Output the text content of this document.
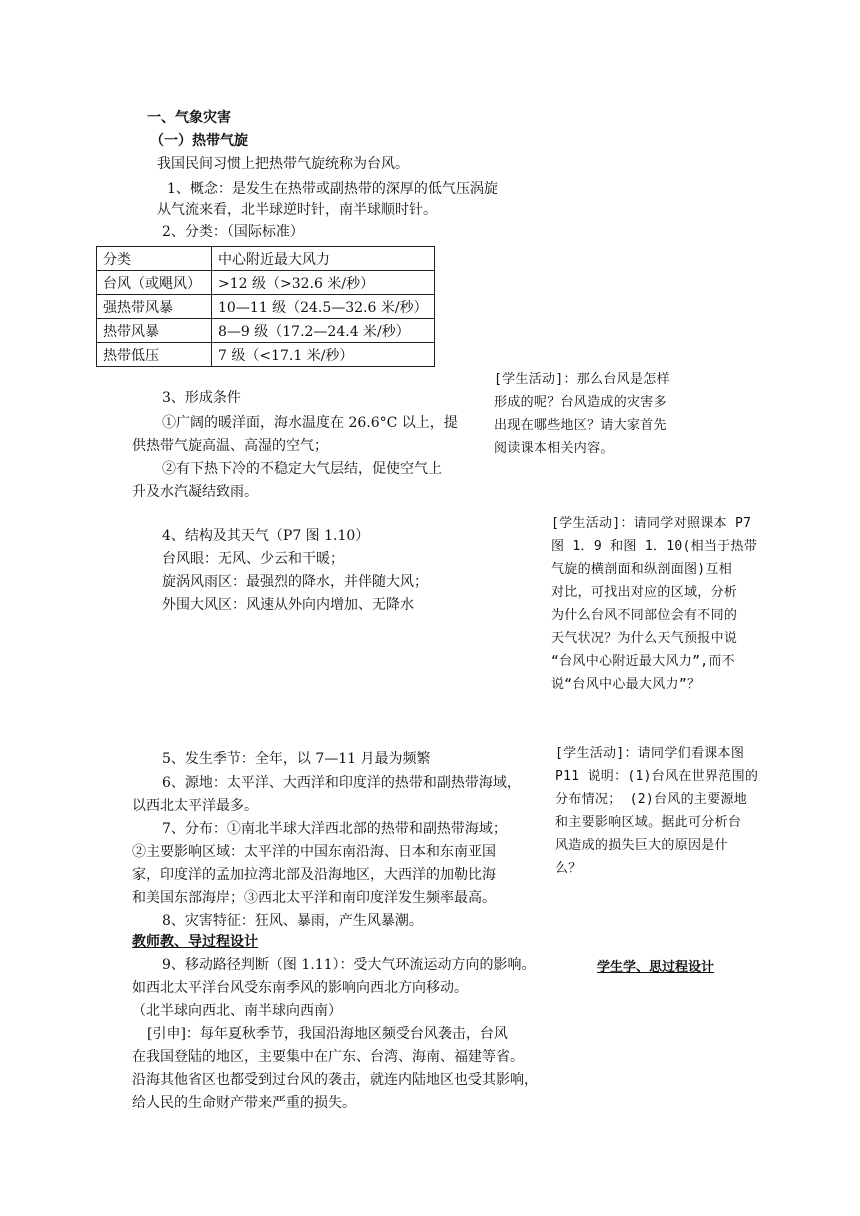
一、气象灾害
（一）热带气旋
我国民间习惯上把热带气旋统称为台风。
1、概念：是发生在热带或副热带的深厚的低气压涡旋
从气流来看，北半球逆时针，南半球顺时针。
2、分类：（国际标准）
分类	中心附近最大风力
台风（或飓风）	>12 级（>32.6 米/秒）
强热带风暴	10—11 级（24.5—32.6 米/秒）
热带风暴	8—9 级（17.2—24.4 米/秒）
热带低压	7 级（<17.1 米/秒）
3、形成条件
①广阔的暖洋面，海水温度在 26.6°C 以上，提
供热带气旋高温、高湿的空气；
②有下热下冷的不稳定大气层结，促使空气上
升及水汽凝结致雨。
4、结构及其天气（P7 图 1.10）
台风眼：无风、少云和干暖；
旋涡风雨区：最强烈的降水，并伴随大风；
外围大风区：风速从外向内增加、无降水
5、发生季节：全年，以 7—11 月最为频繁
6、源地：太平洋、大西洋和印度洋的热带和副热带海域，
以西北太平洋最多。
7、分布：①南北半球大洋西北部的热带和副热带海域；
②主要影响区域：太平洋的中国东南沿海、日本和东南亚国
家，印度洋的孟加拉湾北部及沿海地区，大西洋的加勒比海
和美国东部海岸；③西北太平洋和南印度洋发生频率最高。
8、灾害特征：狂风、暴雨，产生风暴潮。
教师教、导过程设计
9、移动路径判断（图 1.11）：受大气环流运动方向的影响。
如西北太平洋台风受东南季风的影响向西北方向移动。
（北半球向西北、南半球向西南）
[引申]：每年夏秋季节，我国沿海地区频受台风袭击，台风
在我国登陆的地区，主要集中在广东、台湾、海南、福建等省。
沿海其他省区也都受到过台风的袭击，就连内陆地区也受其影响，
给人民的生命财产带来严重的损失。
[学生活动]：那么台风是怎样
形成的呢？台风造成的灾害多
出现在哪些地区？请大家首先
阅读课本相关内容。
[学生活动]：请同学对照课本 P7
图 1．9 和图 1．10(相当于热带
气旋的横剖面和纵剖面图)互相
对比，可找出对应的区域，分析
为什么台风不同部位会有不同的
天气状况？为什么天气预报中说
“台风中心附近最大风力”,而不
说“台风中心最大风力”？
[学生活动]：请同学们看课本图
P11 说明：(1)台风在世界范围的
分布情况； (2)台风的主要源地
和主要影响区域。据此可分析台
风造成的损失巨大的原因是什
么？
学生学、思过程设计
